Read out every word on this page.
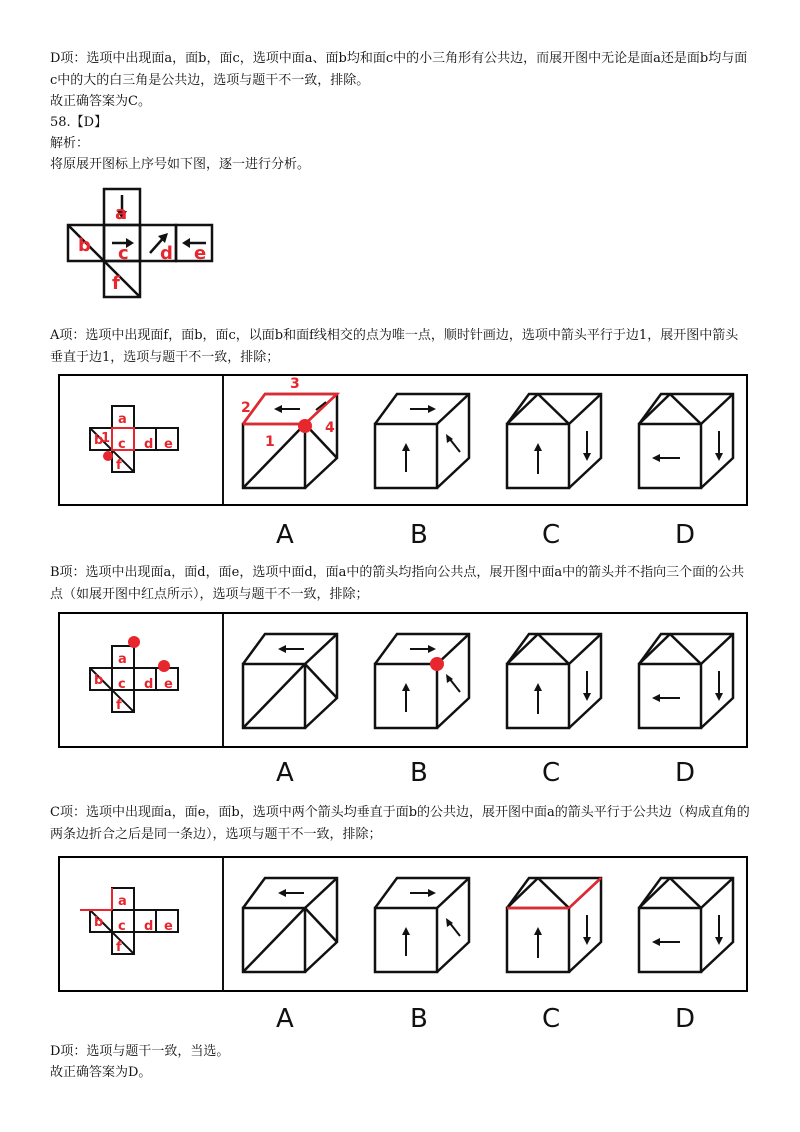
D项：选项中出现面a，面b，面c，选项中面a、面b均和面c中的小三角形有公共边，而展开图中无论是面a还是面b均与面c中的大的白三角是公共边，选项与题干不一致，排除。
故正确答案为C。
58.【D】
解析：
将原展开图标上序号如下图，逐一进行分析。
a
b c d e
f
A项：选项中出现面f，面b，面c，以面b和面f线相交的点为唯一点，顺时针画边，选项中箭头平行于边1，展开图中箭头垂直于边1，选项与题干不一致，排除；
a
b c d e
f
1
3
2
1
4
A	B	C	D
B项：选项中出现面a，面d，面e，选项中面d，面a中的箭头均指向公共点，展开图中面a中的箭头并不指向三个面的公共点（如展开图中红点所示），选项与题干不一致，排除；
a
b c d e
f
A	B	C	D
C项：选项中出现面a，面e，面b，选项中两个箭头均垂直于面b的公共边，展开图中面a的箭头平行于公共边（构成直角的两条边折合之后是同一条边），选项与题干不一致，排除；
a
b c d e
f
A	B	C	D
D项：选项与题干一致，当选。
故正确答案为D。
